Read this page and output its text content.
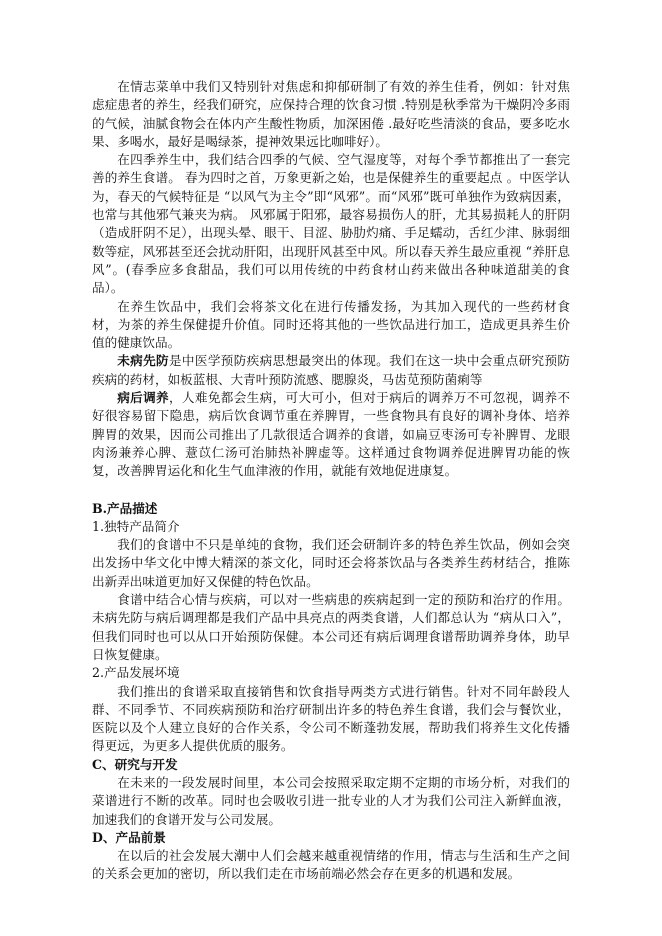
在情志菜单中我们又特别针对焦虑和抑郁研制了有效的养生佳肴，例如：针对焦虑症患者的养生，经我们研究，应保持合理的饮食习惯 .特别是秋季常为干燥阴冷多雨的气候，油腻食物会在体内产生酸性物质，加深困倦 .最好吃些清淡的食品，要多吃水果、多喝水，最好是喝绿茶，提神效果远比咖啡好）。

在四季养生中，我们结合四季的气候、空气湿度等，对每个季节都推出了一套完善的养生食谱。 春为四时之首，万象更新之始，也是保健养生的重要起点 。中医学认为，春天的气候特征是 “以风气为主令”即“风邪”。而“风邪”既可单独作为致病因素，也常与其他邪气兼夹为病。 风邪属于阳邪，最容易损伤人的肝，尤其易损耗人的肝阴（造成肝阴不足），出现头晕、眼干、目涩、胁肋灼痛、手足蠕动，舌红少津、脉弱细数等症，风邪甚至还会扰动肝阳，出现肝风甚至中风。所以春天养生最应重视 “养肝息风”。(春季应多食甜品，我们可以用传统的中药食材山药来做出各种味道甜美的食品）。

在养生饮品中，我们会将茶文化在进行传播发扬，为其加入现代的一些药材食材，为茶的养生保健提升价值。同时还将其他的一些饮品进行加工，造成更具养生价值的健康饮品。

未病先防是中医学预防疾病思想最突出的体现。我们在这一块中会重点研究预防疾病的药材，如板蓝根、大青叶预防流感、腮腺炎，马齿苋预防菌痢等

病后调养，人难免都会生病，可大可小，但对于病后的调养万不可忽视，调养不好很容易留下隐患，病后饮食调节重在养脾胃，一些食物具有良好的调补身体、培养脾胃的效果，因而公司推出了几款很适合调养的食谱，如扁豆枣汤可专补脾胃、龙眼肉汤兼养心脾、薏苡仁汤可治肺热补脾虚等。这样通过食物调养促进脾胃功能的恢复，改善脾胃运化和化生气血津液的作用，就能有效地促进康复。

B.产品描述

1.独特产品简介

我们的食谱中不只是单纯的食物，我们还会研制许多的特色养生饮品，例如会突出发扬中华文化中博大精深的茶文化，同时还会将茶饮品与各类养生药材结合，推陈出新弄出味道更加好又保健的特色饮品。

食谱中结合心情与疾病，可以对一些病患的疾病起到一定的预防和治疗的作用。未病先防与病后调理都是我们产品中具亮点的两类食谱，人们都总认为 “病从口入”，但我们同时也可以从口开始预防保健。本公司还有病后调理食谱帮助调养身体，助早日恢复健康。

2.产品发展坏境

我们推出的食谱采取直接销售和饮食指导两类方式进行销售。针对不同年龄段人群、不同季节、不同疾病预防和治疗研制出许多的特色养生食谱，我们会与餐饮业，医院以及个人建立良好的合作关系，令公司不断蓬勃发展，帮助我们将养生文化传播得更远，为更多人提供优质的服务。

C、研究与开发

在未来的一段发展时间里，本公司会按照采取定期不定期的市场分析，对我们的菜谱进行不断的改革。同时也会吸收引进一批专业的人才为我们公司注入新鲜血液，加速我们的食谱开发与公司发展。

D、产品前景

在以后的社会发展大潮中人们会越来越重视情绪的作用，情志与生活和生产之间的关系会更加的密切，所以我们走在市场前端必然会存在更多的机遇和发展。
